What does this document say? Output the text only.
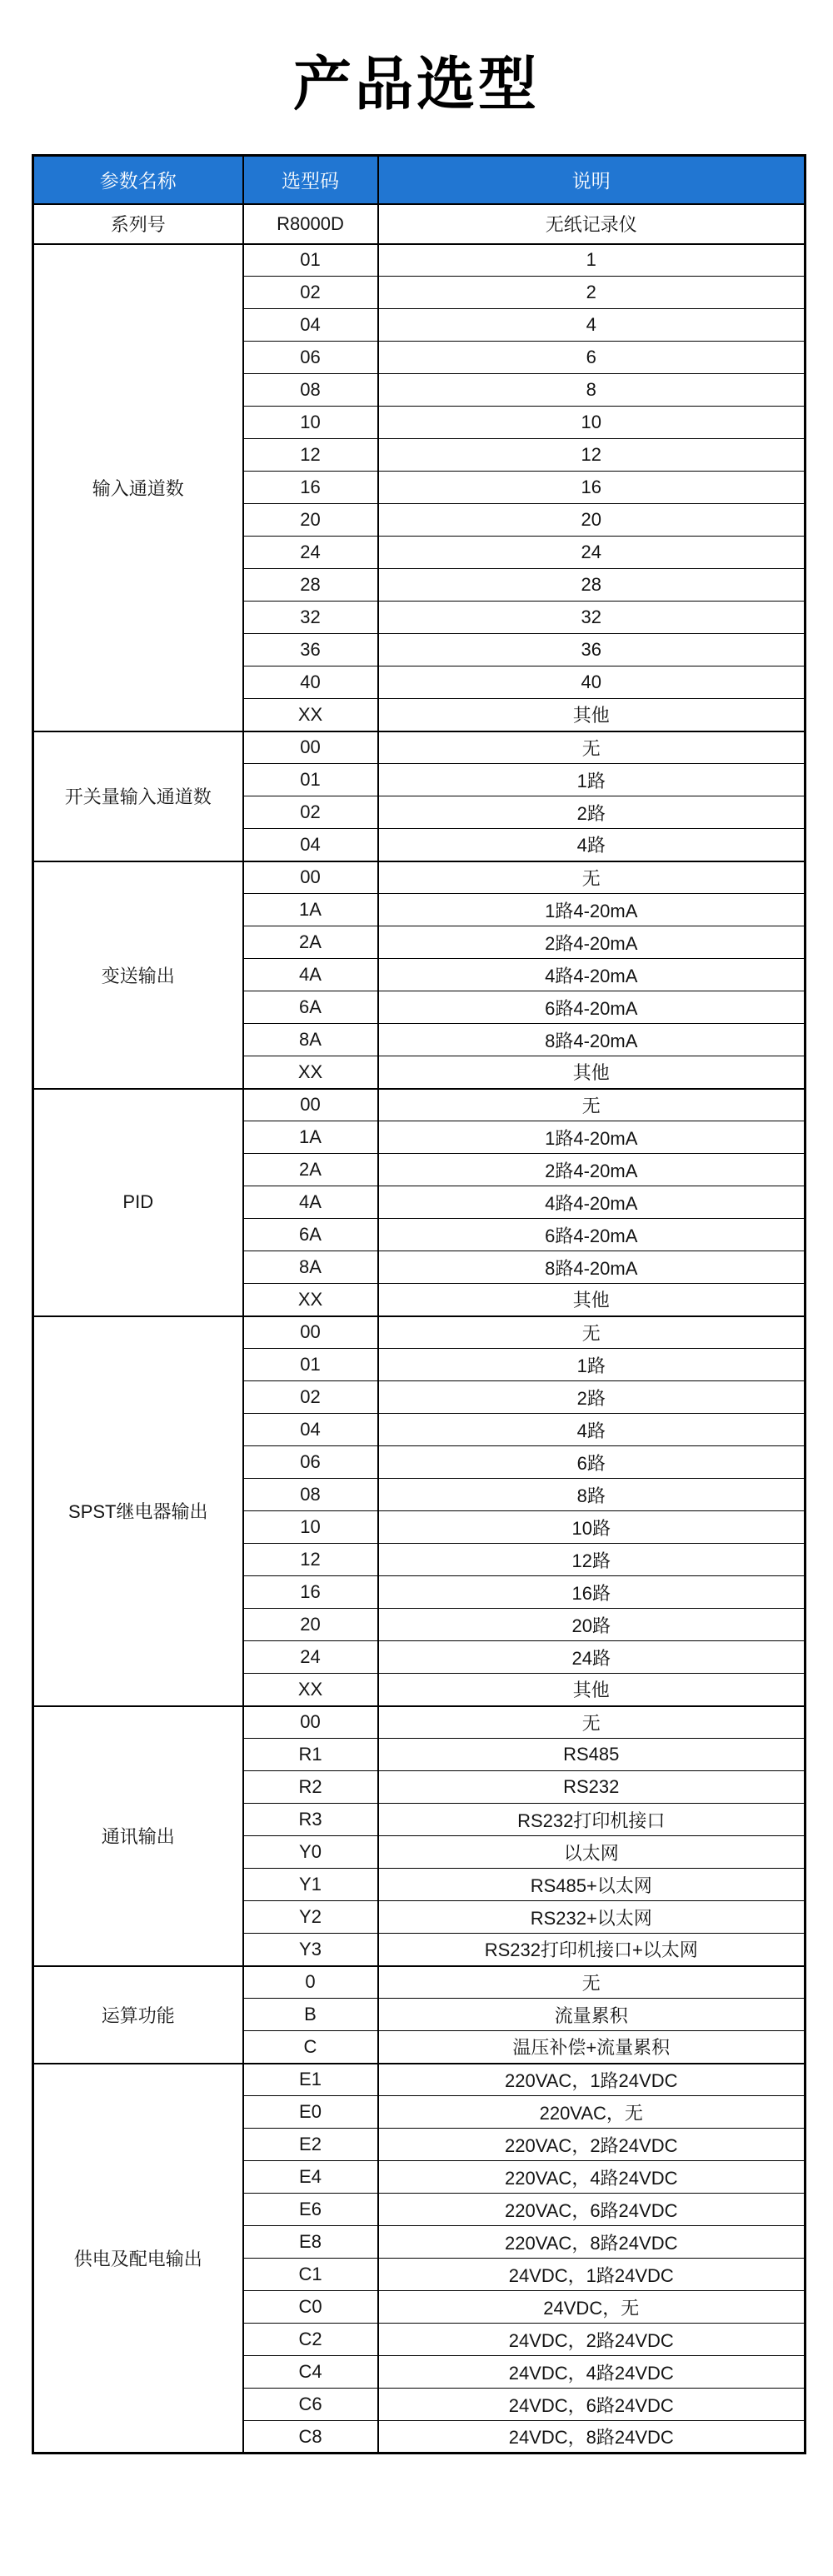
产品选型
参数名称	选型码	说明
系列号	R8000D	无纸记录仪
输入通道数	01	1
	02	2
	04	4
	06	6
	08	8
	10	10
	12	12
	16	16
	20	20
	24	24
	28	28
	32	32
	36	36
	40	40
	XX	其他
开关量输入通道数	00	无
	01	1路
	02	2路
	04	4路
变送输出	00	无
	1A	1路4-20mA
	2A	2路4-20mA
	4A	4路4-20mA
	6A	6路4-20mA
	8A	8路4-20mA
	XX	其他
PID	00	无
	1A	1路4-20mA
	2A	2路4-20mA
	4A	4路4-20mA
	6A	6路4-20mA
	8A	8路4-20mA
	XX	其他
SPST继电器输出	00	无
	01	1路
	02	2路
	04	4路
	06	6路
	08	8路
	10	10路
	12	12路
	16	16路
	20	20路
	24	24路
	XX	其他
通讯输出	00	无
	R1	RS485
	R2	RS232
	R3	RS232打印机接口
	Y0	以太网
	Y1	RS485+以太网
	Y2	RS232+以太网
	Y3	RS232打印机接口+以太网
运算功能	0	无
	B	流量累积
	C	温压补偿+流量累积
供电及配电输出	E1	220VAC，1路24VDC
	E0	220VAC，无
	E2	220VAC，2路24VDC
	E4	220VAC，4路24VDC
	E6	220VAC，6路24VDC
	E8	220VAC，8路24VDC
	C1	24VDC，1路24VDC
	C0	24VDC，无
	C2	24VDC，2路24VDC
	C4	24VDC，4路24VDC
	C6	24VDC，6路24VDC
	C8	24VDC，8路24VDC
